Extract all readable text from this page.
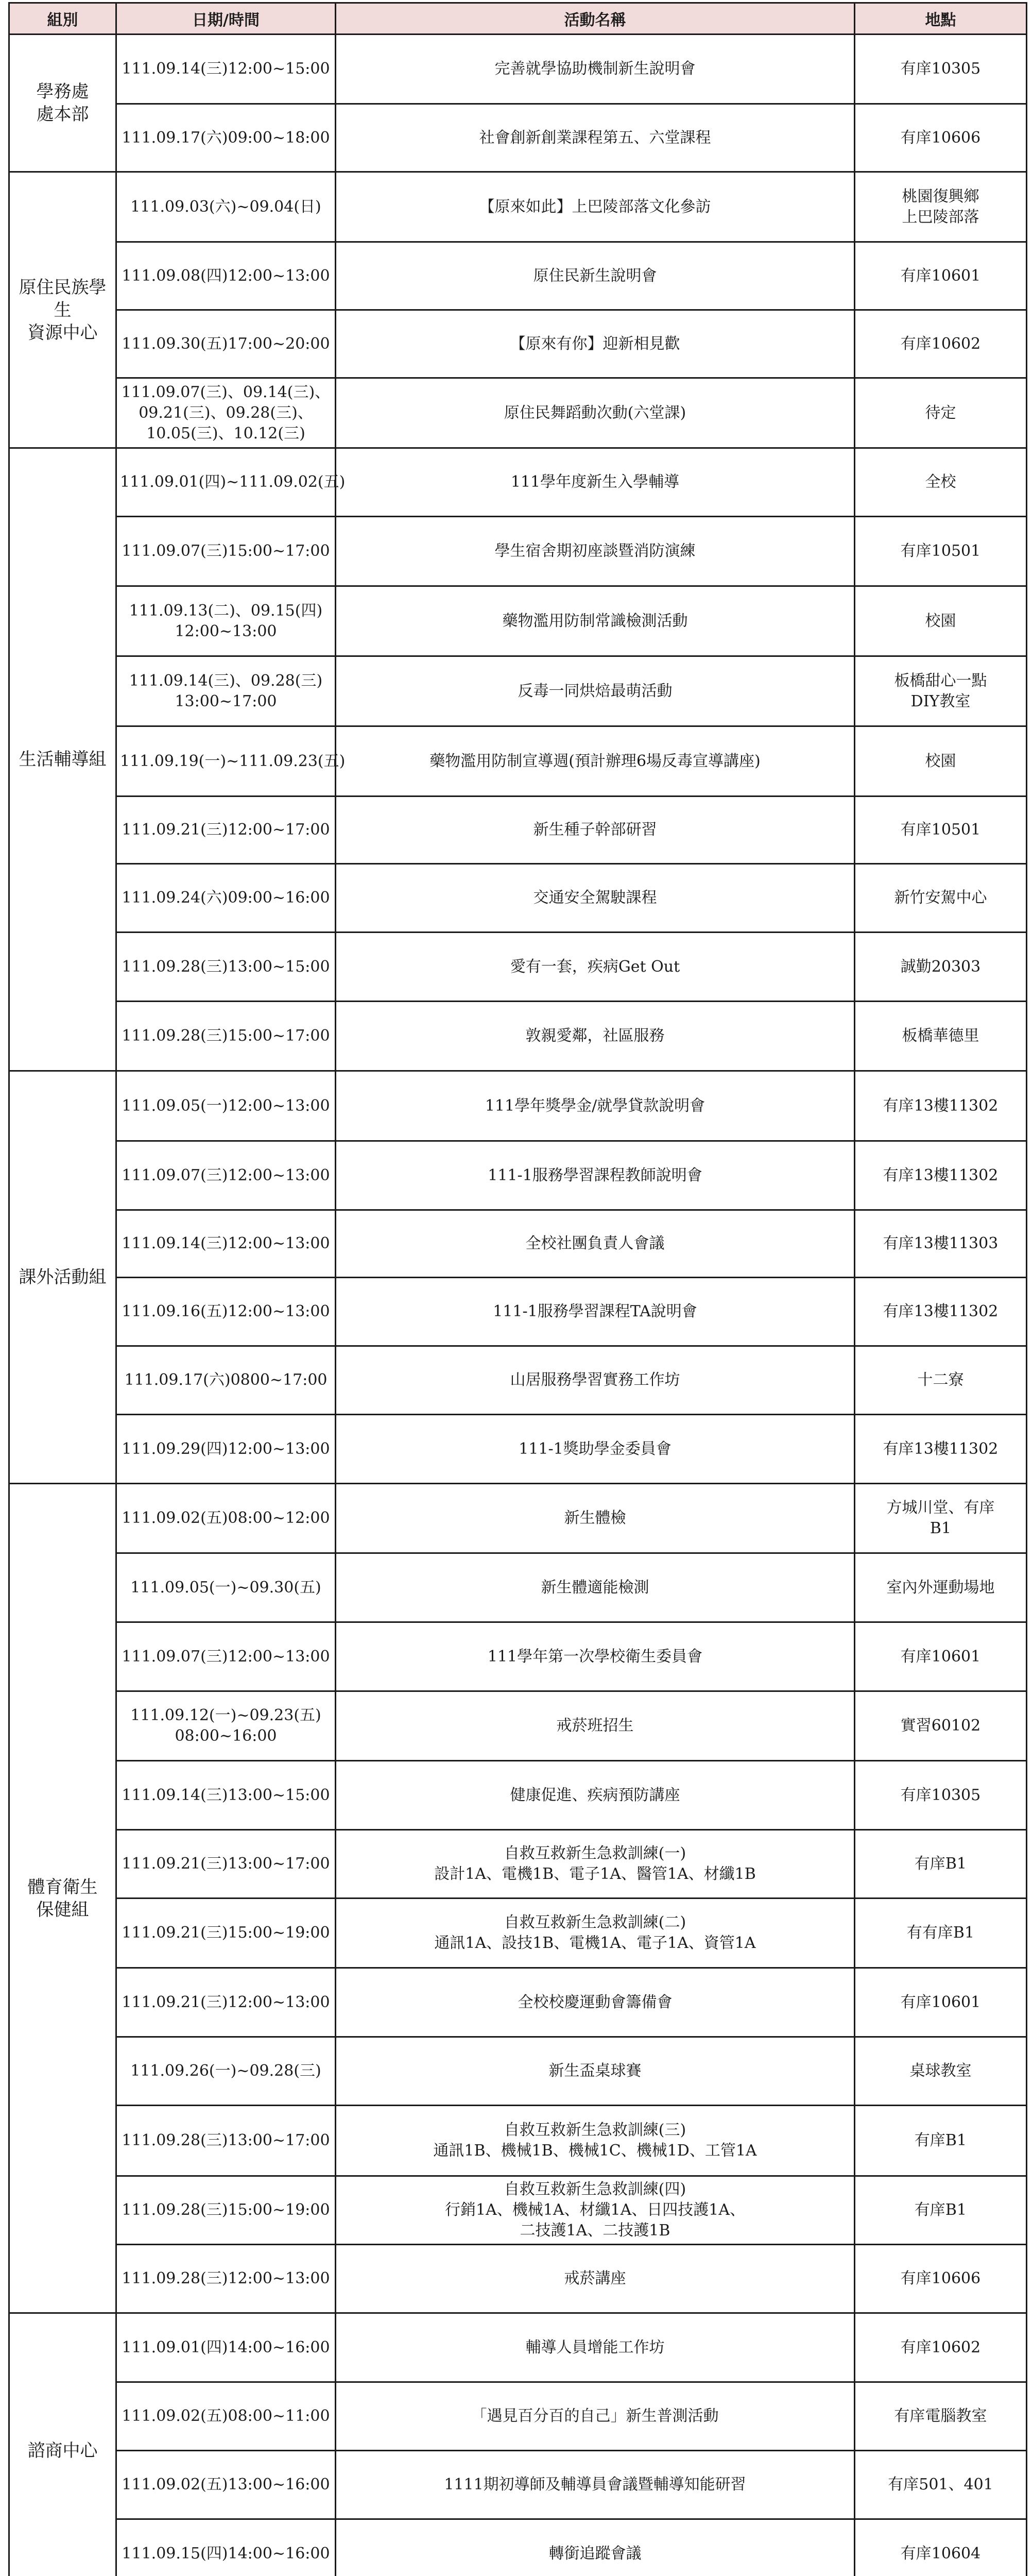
組別	日期/時間	活動名稱	地點

學務處
處本部	111.09.14(三)12:00~15:00	完善就學協助機制新生說明會	有庠10305

	111.09.17(六)09:00~18:00	社會創新創業課程第五、六堂課程	有庠10606

原住民族學生
資源中心	111.09.03(六)~09.04(日)	【原來如此】上巴陵部落文化參訪	桃園復興鄉
上巴陵部落

	111.09.08(四)12:00~13:00	原住民新生說明會	有庠10601

	111.09.30(五)17:00~20:00	【原來有你】迎新相見歡	有庠10602

	111.09.07(三)、09.14(三)、
09.21(三)、09.28(三)、
10.05(三)、10.12(三)	原住民舞蹈動次動(六堂課)	待定

生活輔導組	111.09.01(四)~111.09.02(五)	111學年度新生入學輔導	全校

	111.09.07(三)15:00~17:00	學生宿舍期初座談暨消防演練	有庠10501

	111.09.13(二)、09.15(四)
12:00~13:00	藥物濫用防制常識檢測活動	校園

	111.09.14(三)、09.28(三)
13:00~17:00	反毒一同烘焙最萌活動	板橋甜心一點
DIY教室

	111.09.19(一)~111.09.23(五)	藥物濫用防制宣導週(預計辦理6場反毒宣導講座)	校園

	111.09.21(三)12:00~17:00	新生種子幹部研習	有庠10501

	111.09.24(六)09:00~16:00	交通安全駕駛課程	新竹安駕中心

	111.09.28(三)13:00~15:00	愛有一套，疾病Get Out	誠勤20303

	111.09.28(三)15:00~17:00	敦親愛鄰，社區服務	板橋華德里

課外活動組	111.09.05(一)12:00~13:00	111學年獎學金/就學貸款說明會	有庠13樓11302

	111.09.07(三)12:00~13:00	111-1服務學習課程教師說明會	有庠13樓11302

	111.09.14(三)12:00~13:00	全校社團負責人會議	有庠13樓11303

	111.09.16(五)12:00~13:00	111-1服務學習課程TA說明會	有庠13樓11302

	111.09.17(六)0800~17:00	山居服務學習實務工作坊	十二寮

	111.09.29(四)12:00~13:00	111-1獎助學金委員會	有庠13樓11302

體育衛生
保健組	111.09.02(五)08:00~12:00	新生體檢	方城川堂、有庠
B1

	111.09.05(一)~09.30(五)	新生體適能檢測	室內外運動場地

	111.09.07(三)12:00~13:00	111學年第一次學校衛生委員會	有庠10601

	111.09.12(一)~09.23(五)
08:00~16:00	戒菸班招生	實習60102

	111.09.14(三)13:00~15:00	健康促進、疾病預防講座	有庠10305

	111.09.21(三)13:00~17:00	自救互救新生急救訓練(一)
設計1A、電機1B、電子1A、醫管1A、材纖1B	有庠B1

	111.09.21(三)15:00~19:00	自救互救新生急救訓練(二)
通訊1A、設技1B、電機1A、電子1A、資管1A	有有庠B1

	111.09.21(三)12:00~13:00	全校校慶運動會籌備會	有庠10601

	111.09.26(一)~09.28(三)	新生盃桌球賽	桌球教室

	111.09.28(三)13:00~17:00	自救互救新生急救訓練(三)
通訊1B、機械1B、機械1C、機械1D、工管1A	有庠B1

	111.09.28(三)15:00~19:00	自救互救新生急救訓練(四)
行銷1A、機械1A、材纖1A、日四技護1A、
二技護1A、二技護1B	有庠B1

	111.09.28(三)12:00~13:00	戒菸講座	有庠10606

諮商中心	111.09.01(四)14:00~16:00	輔導人員增能工作坊	有庠10602

	111.09.02(五)08:00~11:00	「遇見百分百的自己」新生普測活動	有庠電腦教室

	111.09.02(五)13:00~16:00	1111期初導師及輔導員會議暨輔導知能研習	有庠501、401

	111.09.15(四)14:00~16:00	轉銜追蹤會議	有庠10604
